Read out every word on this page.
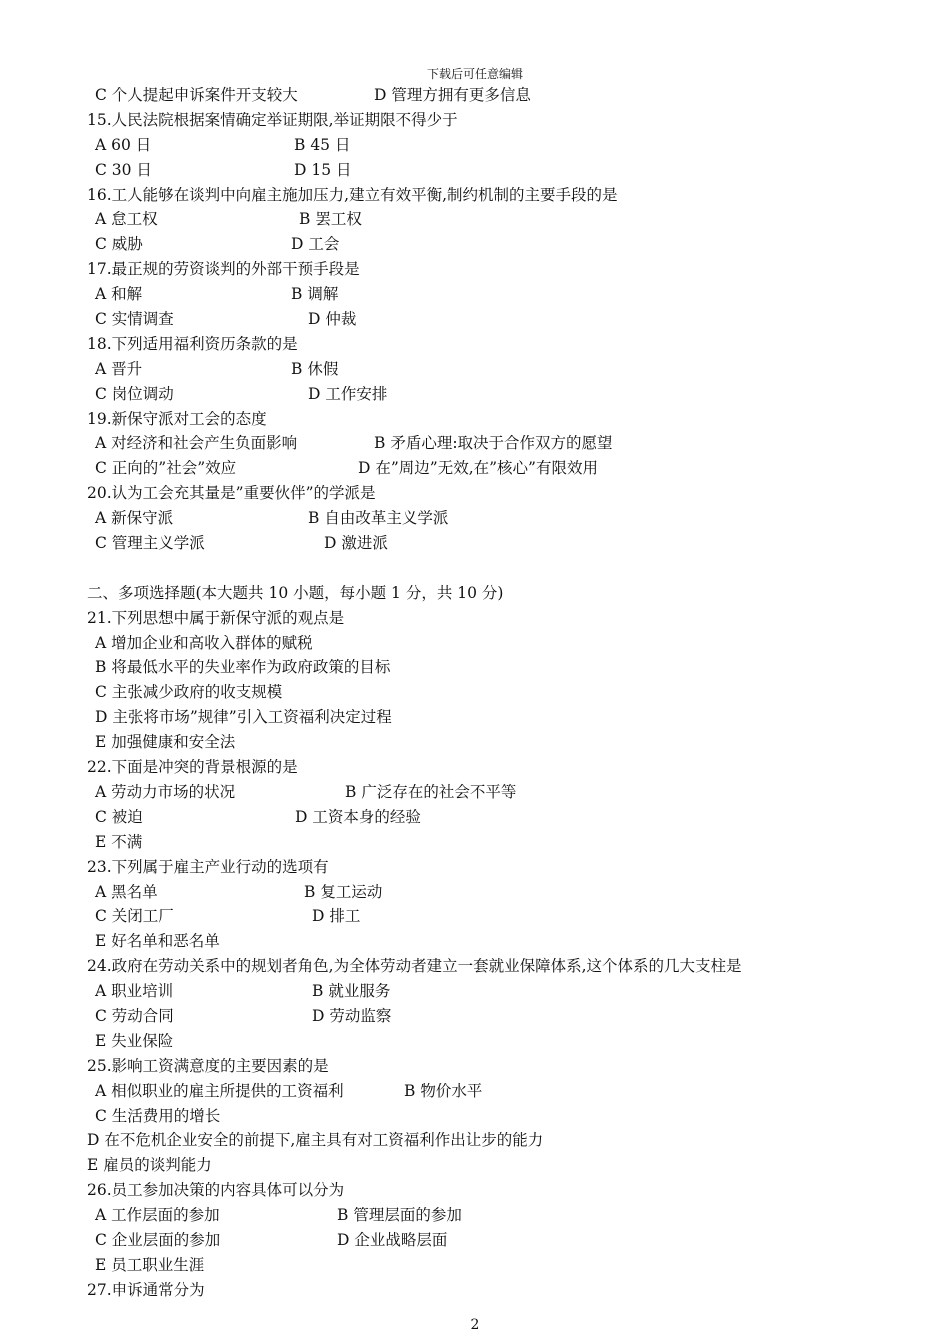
下载后可任意编辑
C 个人提起申诉案件开支较大	D 管理方拥有更多信息
15.人民法院根据案情确定举证期限,举证期限不得少于
A 60 日	B 45 日
C 30 日	D 15 日
16.工人能够在谈判中向雇主施加压力,建立有效平衡,制约机制的主要手段的是
A 怠工权	B 罢工权
C 威胁	D 工会
17.最正规的劳资谈判的外部干预手段是
A 和解	B 调解
C 实情调查	D 仲裁
18.下列适用福利资历条款的是
A 晋升	B 休假
C 岗位调动	D 工作安排
19.新保守派对工会的态度
A 对经济和社会产生负面影响	B 矛盾心理:取决于合作双方的愿望
C 正向的”社会”效应	D 在”周边”无效,在”核心”有限效用
20.认为工会充其量是”重要伙伴”的学派是
A 新保守派	B 自由改革主义学派
C 管理主义学派	D 激进派
二、多项选择题(本大题共 10 小题，每小题 1 分，共 10 分)
21.下列思想中属于新保守派的观点是
A 增加企业和高收入群体的赋税
B 将最低水平的失业率作为政府政策的目标
C 主张减少政府的收支规模
D 主张将市场”规律”引入工资福利决定过程
E 加强健康和安全法
22.下面是冲突的背景根源的是
A 劳动力市场的状况	B 广泛存在的社会不平等
C 被迫	D 工资本身的经验
E 不满
23.下列属于雇主产业行动的选项有
A 黑名单	B 复工运动
C 关闭工厂	D 排工
E 好名单和恶名单
24.政府在劳动关系中的规划者角色,为全体劳动者建立一套就业保障体系,这个体系的几大支柱是
A 职业培训	B 就业服务
C 劳动合同	D 劳动监察
E 失业保险
25.影响工资满意度的主要因素的是
A 相似职业的雇主所提供的工资福利	B 物价水平
C 生活费用的增长
D 在不危机企业安全的前提下,雇主具有对工资福利作出让步的能力
E 雇员的谈判能力
26.员工参加决策的内容具体可以分为
A 工作层面的参加	B 管理层面的参加
C 企业层面的参加	D 企业战略层面
E 员工职业生涯
27.申诉通常分为
2
